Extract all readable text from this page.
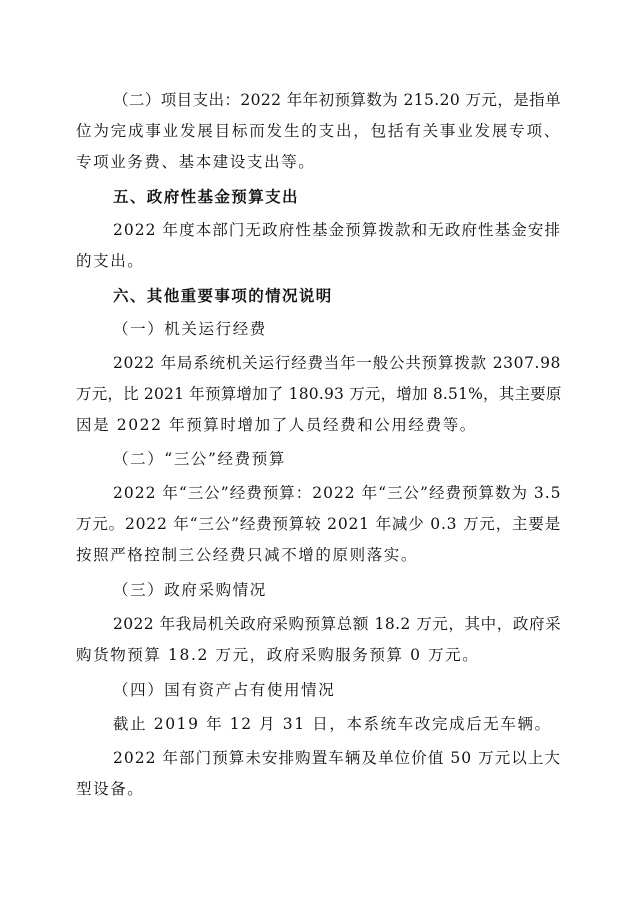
（二）项目支出：2022 年年初预算数为 215.20 万元，是指单
位为完成事业发展目标而发生的支出，包括有关事业发展专项、
专项业务费、基本建设支出等。
五、政府性基金预算支出
2022 年度本部门无政府性基金预算拨款和无政府性基金安排
的支出。
六、其他重要事项的情况说明
（一）机关运行经费
2022 年局系统机关运行经费当年一般公共预算拨款 2307.98
万元，比 2021 年预算增加了 180.93 万元，增加 8.51%，其主要原
因是 2022 年预算时增加了人员经费和公用经费等。
（二）“三公”经费预算
2022 年“三公”经费预算：2022 年“三公”经费预算数为 3.5
万元。2022 年“三公”经费预算较 2021 年减少 0.3 万元，主要是
按照严格控制三公经费只减不增的原则落实。
（三）政府采购情况
2022 年我局机关政府采购预算总额 18.2 万元，其中，政府采
购货物预算 18.2 万元，政府采购服务预算 0 万元。
（四）国有资产占有使用情况
截止 2019 年 12 月 31 日，本系统车改完成后无车辆。
2022 年部门预算未安排购置车辆及单位价值 50 万元以上大
型设备。
